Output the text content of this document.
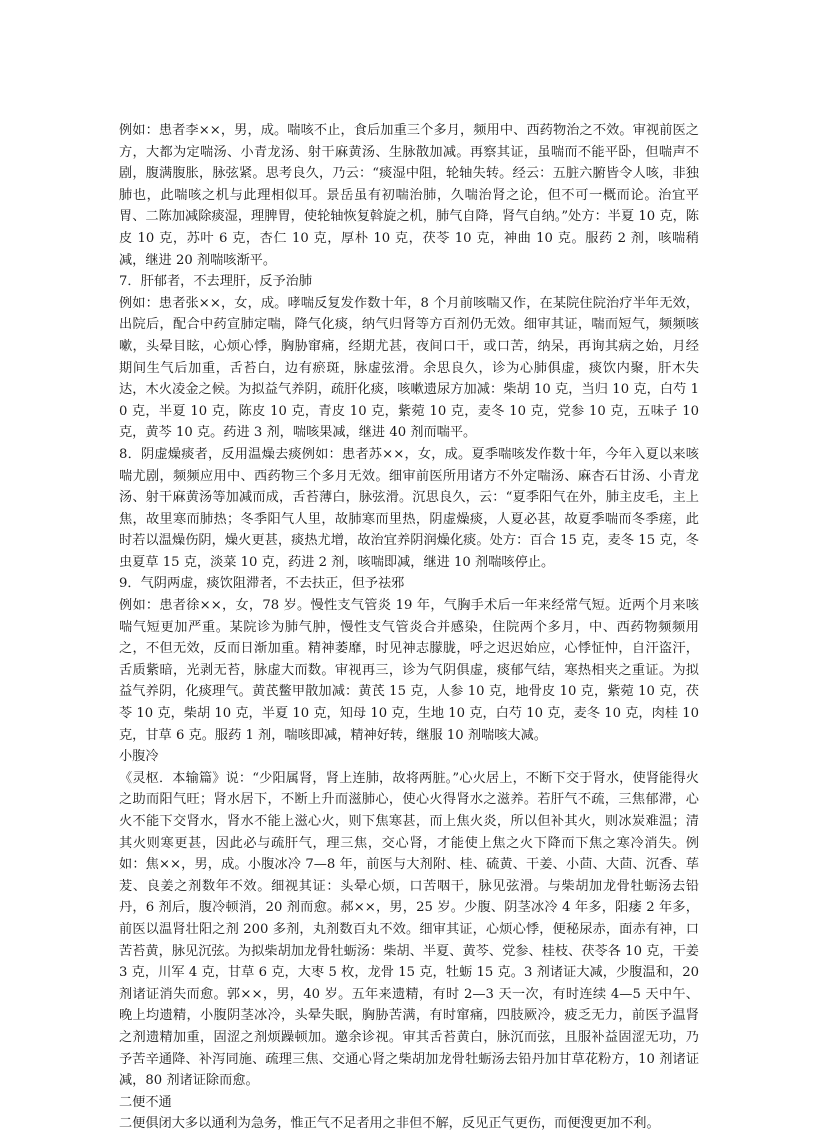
例如：患者李××，男，成。喘咳不止，食后加重三个多月，频用中、西药物治之不效。审视前医之方，大都为定喘汤、小青龙汤、射干麻黄汤、生脉散加减。再察其证，虽喘而不能平卧，但喘声不剧，腹满腹胀，脉弦紧。思考良久，乃云：“痰湿中阻，轮轴失转。经云：五脏六腑皆令人咳，非独肺也，此喘咳之机与此理相似耳。景岳虽有初喘治肺，久喘治肾之论，但不可一概而论。治宜平胃、二陈加减除痰湿，理脾胃，使轮轴恢复斡旋之机，肺气自降，肾气自纳。”处方：半夏 10 克，陈皮 10 克，苏叶 6 克，杏仁 10 克，厚朴 10 克，茯苓 10 克，神曲 10 克。服药 2 剂，咳喘稍减，继进 20 剂喘咳渐平。

7．肝郁者，不去理肝，反予治肺

例如：患者张××，女，成。哮喘反复发作数十年，8 个月前咳喘又作，在某院住院治疗半年无效，出院后，配合中药宣肺定喘，降气化痰，纳气归肾等方百剂仍无效。细审其证，喘而短气，频频咳嗽，头晕目眩，心烦心悸，胸胁窜痛，经期尤甚，夜间口干，或口苦，纳呆，再询其病之始，月经期间生气后加重，舌苔白，边有瘀斑，脉虚弦滑。余思良久，诊为心肺俱虚，痰饮内聚，肝木失达，木火凌金之候。为拟益气养阴，疏肝化痰，咳嗽遗尿方加减：柴胡 10 克，当归 10 克，白芍 10 克，半夏 10 克，陈皮 10 克，青皮 10 克，紫菀 10 克，麦冬 10 克，党参 10 克，五味子 10 克，黄芩 10 克。药进 3 剂，喘咳果减，继进 40 剂而喘平。

8．阴虚燥痰者，反用温燥去痰例如：患者苏××，女，成。夏季喘咳发作数十年，今年入夏以来咳喘尤剧，频频应用中、西药物三个多月无效。细审前医所用诸方不外定喘汤、麻杏石甘汤、小青龙汤、射干麻黄汤等加减而成，舌苔薄白，脉弦滑。沉思良久，云：“夏季阳气在外，肺主皮毛，主上焦，故里寒而肺热；冬季阳气人里，故肺寒而里热，阴虚燥痰，人夏必甚，故夏季喘而冬季瘥，此时若以温燥伤阴，燥火更甚，痰热尤增，故治宜养阴润燥化痰。处方：百合 15 克，麦冬 15 克，冬虫夏草 15 克，淡菜 10 克，药进 2 剂，咳喘即减，继进 10 剂喘咳停止。

9．气阴两虚，痰饮阻滞者，不去扶正，但予祛邪

例如：患者徐××，女，78 岁。慢性支气管炎 19 年，气胸手术后一年来经常气短。近两个月来咳喘气短更加严重。某院诊为肺气肿，慢性支气管炎合并感染，住院两个多月，中、西药物频频用之，不但无效，反而日渐加重。精神萎靡，时见神志朦胧，呼之迟迟始应，心悸怔忡，自汗盗汗，舌质紫暗，光剥无苔，脉虚大而数。审视再三，诊为气阴俱虚，痰郁气结，寒热相夹之重证。为拟益气养阴，化痰理气。黄芪鳖甲散加减：黄芪 15 克，人参 10 克，地骨皮 10 克，紫菀 10 克，茯苓 10 克，柴胡 10 克，半夏 10 克，知母 10 克，生地 10 克，白芍 10 克，麦冬 10 克，肉桂 10 克，甘草 6 克。服药 1 剂，喘咳即减，精神好转，继服 10 剂喘咳大减。

小腹冷

《灵枢．本输篇》说：“少阳属肾，肾上连肺，故将两脏。”心火居上，不断下交于肾水，使肾能得火之助而阳气旺；肾水居下，不断上升而滋肺心，使心火得肾水之滋养。若肝气不疏，三焦郁滞，心火不能下交肾水，肾水不能上滋心火，则下焦寒甚，而上焦火炎，所以但补其火，则冰炭难温；清其火则寒更甚，因此必与疏肝气，理三焦，交心肾，才能使上焦之火下降而下焦之寒冷消失。例如：焦××，男，成。小腹冰冷 7—8 年，前医与大剂附、桂、硫黄、干姜、小茴、大茴、沉香、荜茇、良姜之剂数年不效。细视其证：头晕心烦，口苦咽干，脉见弦滑。与柴胡加龙骨牡蛎汤去铅丹，6 剂后，腹冷顿消，20 剂而愈。郝××，男，25 岁。少腹、阴茎冰冷 4 年多，阳痿 2 年多，前医以温肾壮阳之剂 200 多剂，丸剂数百丸不效。细审其证，心烦心悸，便秘尿赤，面赤有神，口苦苔黄，脉见沉弦。为拟柴胡加龙骨牡蛎汤：柴胡、半夏、黄芩、党参、桂枝、茯苓各 10 克，干姜 3 克，川军 4 克，甘草 6 克，大枣 5 枚，龙骨 15 克，牡蛎 15 克。3 剂诸证大减，少腹温和，20 剂诸证消失而愈。郭××，男，40 岁。五年来遗精，有时 2—3 天一次，有时连续 4—5 天中午、晚上均遗精，小腹阴茎冰冷，头晕失眠，胸胁苦满，有时窜痛，四肢厥冷，疲乏无力，前医予温肾之剂遗精加重，固涩之剂烦躁顿加。邀余诊视。审其舌苔黄白，脉沉而弦，且服补益固涩无功，乃予苦辛通降、补泻同施、疏理三焦、交通心肾之柴胡加龙骨牡蛎汤去铅丹加甘草花粉方，10 剂诸证减，80 剂诸证除而愈。

二便不通

二便俱闭大多以通利为急务，惟正气不足者用之非但不解，反见正气更伤，而便溲更加不利。
